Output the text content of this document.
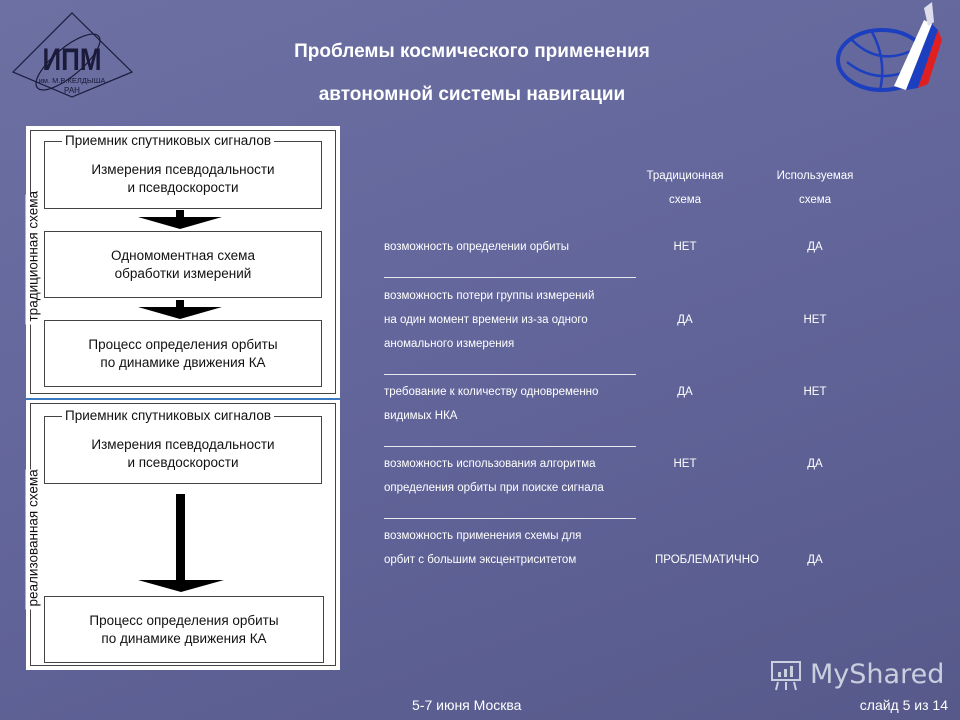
ИПМ
им. М.В.КЕЛДЫША
РАН
Проблемы космического применения
автономной системы навигации
традиционная схема
Измерения псевдодальности
и псевдоскорости
Приемник спутниковых сигналов
Одномоментная схема
обработки измерений
Процесс определения орбиты
по динамике движения КА
реализованная схема
Измерения псевдодальности
и псевдоскорости
Приемник спутниковых сигналов
Процесс определения орбиты
по динамике движения КА
Традиционная
схема
Используемая
схема
возможность определении орбиты	НЕТ	ДА
возможность потери группы измерений
на один момент времени из-за одного
аномального измерения
ДА	НЕТ
требование к количеству одновременно
видимых НКА
ДА	НЕТ
возможность использования алгоритма
определения орбиты при поиске сигнала
НЕТ	ДА
возможность применения схемы для
орбит с большим эксцентриситетом	ПРОБЛЕМАТИЧНО	ДА
MyShared
5-7 июня Москва	слайд 5 из 14
